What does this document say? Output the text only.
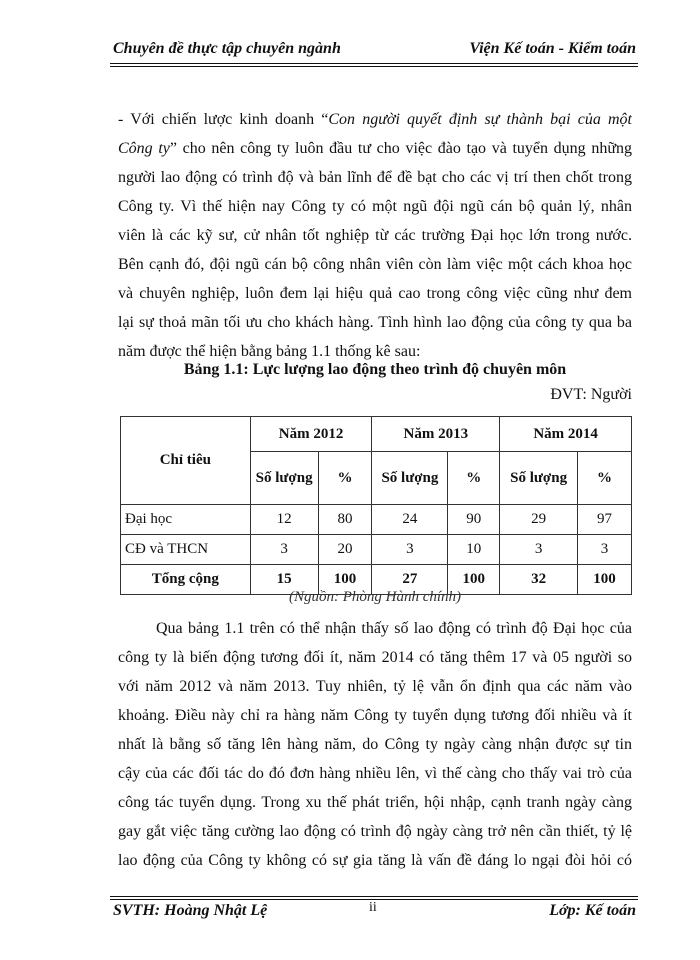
Chuyên đề thực tập chuyên ngành	Viện Kế toán - Kiểm toán
- Với chiến lược kinh doanh “Con người quyết định sự thành bại của một
Công ty” cho nên công ty luôn đầu tư cho việc đào tạo và tuyển dụng những
người lao động có trình độ và bản lĩnh để đề bạt cho các vị trí then chốt trong
Công ty. Vì thế hiện nay Công ty có một ngũ đội ngũ cán bộ quản lý, nhân
viên là các kỹ sư, cử nhân tốt nghiệp từ các trường Đại học lớn trong nước.
Bên cạnh đó, đội ngũ cán bộ công nhân viên còn làm việc một cách khoa học
và chuyên nghiệp, luôn đem lại hiệu quả cao trong công việc cũng như đem
lại sự thoả mãn tối ưu cho khách hàng. Tình hình lao động của công ty qua ba
năm được thể hiện bằng bảng 1.1 thống kê sau:
Bảng 1.1: Lực lượng lao động theo trình độ chuyên môn
ĐVT: Người
Chỉ tiêu	Năm 2012		Năm 2013		Năm 2014	
	Số lượng	%	Số lượng	%	Số lượng	%
Đại học	12	80	24	90	29	97
CĐ và THCN	3	20	3	10	3	3
Tổng cộng	15	100	27	100	32	100
(Nguồn: Phòng Hành chính)
Qua bảng 1.1 trên có thể nhận thấy số lao động có trình độ Đại học của
công ty là biến động tương đối ít, năm 2014 có tăng thêm 17 và 05 người so
với năm 2012 và năm 2013. Tuy nhiên, tỷ lệ vẫn ổn định qua các năm vào
khoảng. Điều này chỉ ra hàng năm Công ty tuyển dụng tương đối nhiều và ít
nhất là bằng số tăng lên hàng năm, do Công ty ngày càng nhận được sự tin
cậy của các đối tác do đó đơn hàng nhiều lên, vì thế càng cho thấy vai trò của
công tác tuyển dụng. Trong xu thế phát triển, hội nhập, cạnh tranh ngày càng
gay gắt việc tăng cường lao động có trình độ ngày càng trở nên cần thiết, tỷ lệ
lao động của Công ty không có sự gia tăng là vấn đề đáng lo ngại đòi hỏi có
SVTH: Hoàng Nhật Lệ	ii	Lớp: Kế toán
